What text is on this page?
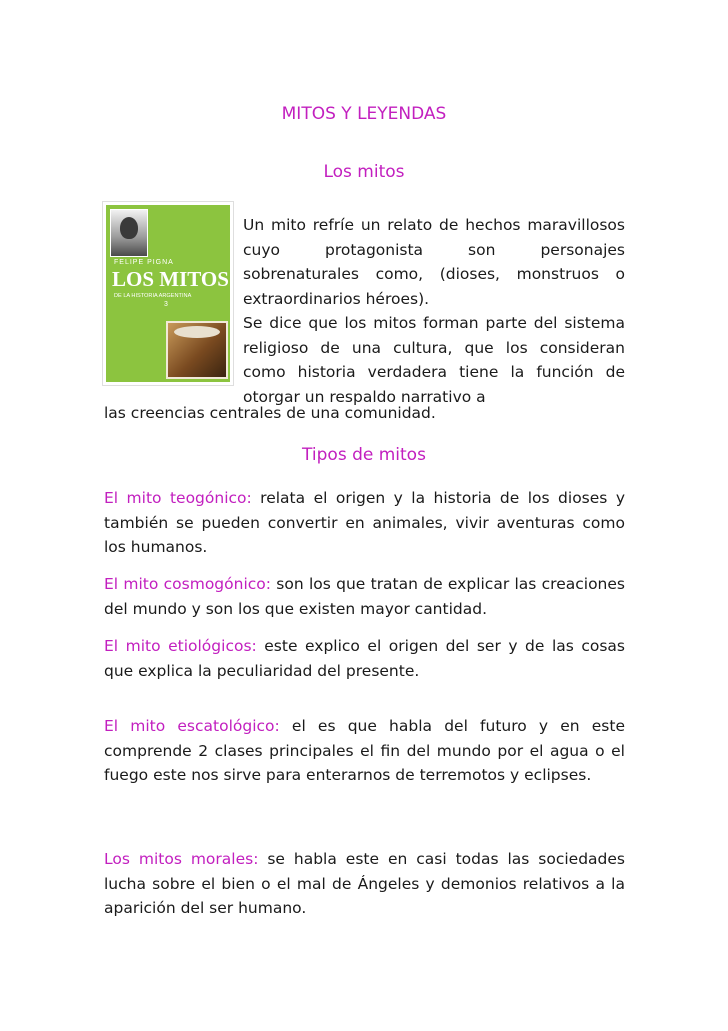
MITOS Y LEYENDAS
Los mitos
FELIPE PIGNA
LOS MITOS
DE LA HISTORIA ARGENTINA
3
Un mito refríe un relato de hechos maravillosos cuyo protagonista son personajes sobrenaturales como, (dioses, monstruos o extraordinarios héroes).
Se dice que los mitos forman parte del sistema religioso de una cultura, que los consideran como historia verdadera tiene la función de otorgar un respaldo narrativo a
las creencias centrales de una comunidad.
Tipos de mitos
El mito teogónico: relata el origen y la historia de los dioses y también se pueden convertir en animales, vivir aventuras como los humanos.
El mito cosmogónico: son los que tratan de explicar las creaciones del mundo y son los que existen mayor cantidad.
El mito etiológicos: este explico el origen del ser y de las cosas que explica la peculiaridad del presente.
El mito escatológico: el es que habla del futuro y en este comprende 2 clases principales el fin del mundo por el agua o el fuego este nos sirve para enterarnos de terremotos y eclipses.
Los mitos morales: se habla este en casi todas las sociedades lucha sobre el bien o el mal de Ángeles y demonios relativos a la aparición del ser humano.
